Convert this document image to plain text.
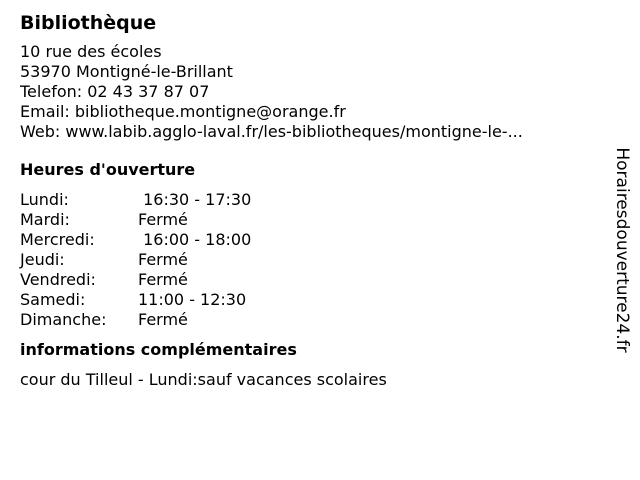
Bibliothèque
10 rue des écoles
53970 Montigné-le-Brillant
Telefon: 02 43 37 87 07
Email: bibliotheque.montigne@orange.fr
Web: www.labib.agglo-laval.fr/les-bibliotheques/montigne-le-...
Heures d'ouverture
Lundi:	16:30 - 17:30
Mardi:	Fermé
Mercredi:	16:00 - 18:00
Jeudi:	Fermé
Vendredi:	Fermé
Samedi:	11:00 - 12:30
Dimanche:	Fermé
informations complémentaires
cour du Tilleul - Lundi:sauf vacances scolaires
Horairesdouverture24.fr
